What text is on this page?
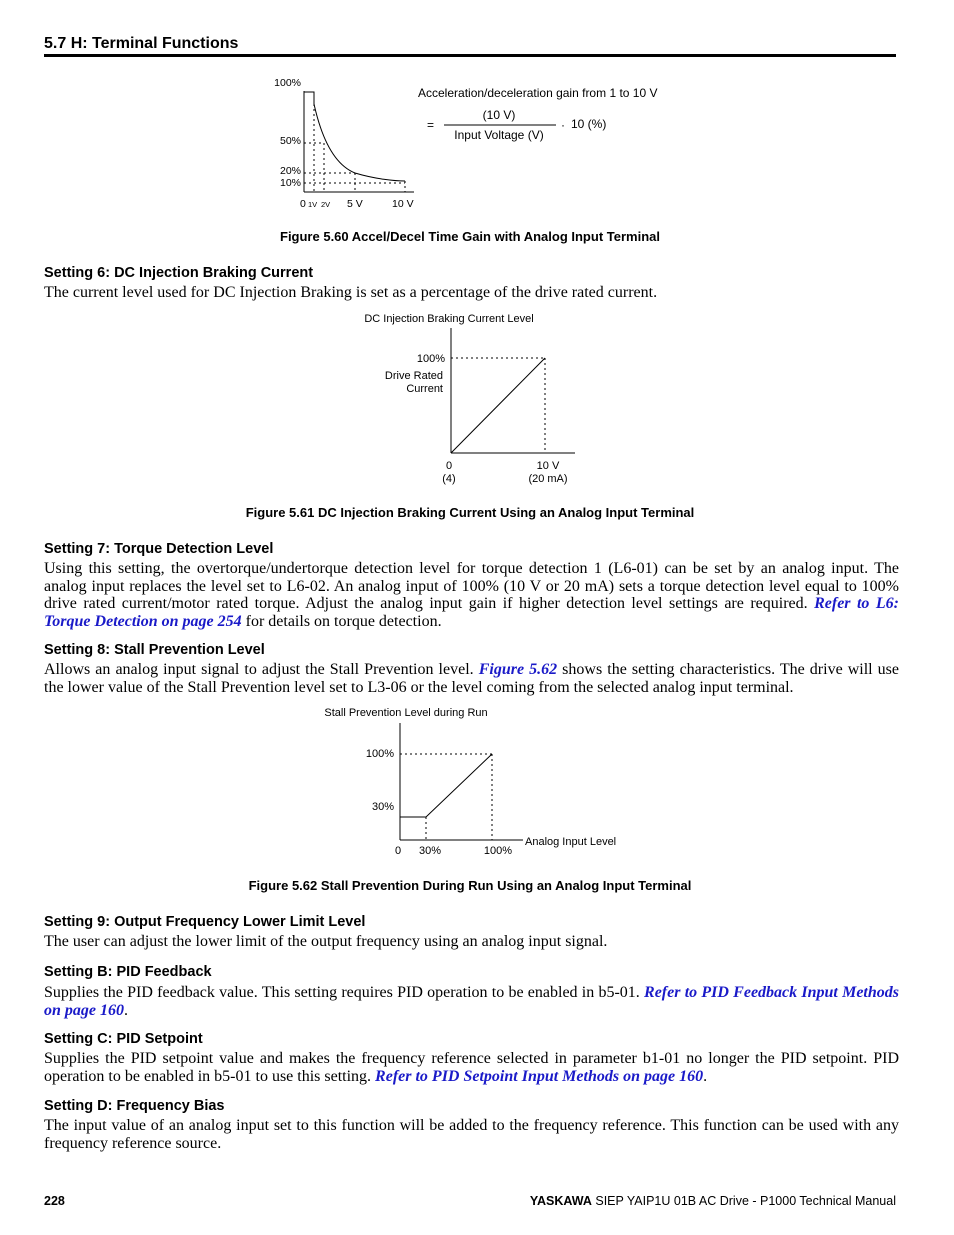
5.7 H: Terminal Functions
100%
50%
20%
10%
0 1V 2V 5 V	10 V
Acceleration/deceleration gain from 1 to 10 V
=
(10 V)
Input Voltage (V)
· 10 (%)
DC Injection Braking Current Level
100%
Drive Rated
Current
0
(4)
10 V
(20 mA)
Stall Prevention Level during Run
100%
30%
0 30%	100%
Analog Input Level
Figure 5.60 Accel/Decel Time Gain with Analog Input Terminal
Setting 6: DC Injection Braking Current
The current level used for DC Injection Braking is set as a percentage of the drive rated current.
Figure 5.61 DC Injection Braking Current Using an Analog Input Terminal
Setting 7: Torque Detection Level
Using this setting, the overtorque/undertorque detection level for torque detection 1 (L6-01) can be set by an analog input. The analog input replaces the level set to L6-02. An analog input of 100% (10 V or 20 mA) sets a torque detection level equal to 100% drive rated current/motor rated torque. Adjust the analog input gain if higher detection level settings are required. Refer to L6: Torque Detection on page 254 for details on torque detection.
Setting 8: Stall Prevention Level
Allows an analog input signal to adjust the Stall Prevention level. Figure 5.62 shows the setting characteristics. The drive will use the lower value of the Stall Prevention level set to L3-06 or the level coming from the selected analog input terminal.
Figure 5.62 Stall Prevention During Run Using an Analog Input Terminal
Setting 9: Output Frequency Lower Limit Level
The user can adjust the lower limit of the output frequency using an analog input signal.
Setting B: PID Feedback
Supplies the PID feedback value. This setting requires PID operation to be enabled in b5-01. Refer to PID Feedback Input Methods on page 160.
Setting C: PID Setpoint
Supplies the PID setpoint value and makes the frequency reference selected in parameter b1-01 no longer the PID setpoint. PID operation to be enabled in b5-01 to use this setting. Refer to PID Setpoint Input Methods on page 160.
Setting D: Frequency Bias
The input value of an analog input set to this function will be added to the frequency reference. This function can be used with any frequency reference source.
228	YASKAWA SIEP YAIP1U 01B AC Drive - P1000 Technical Manual
